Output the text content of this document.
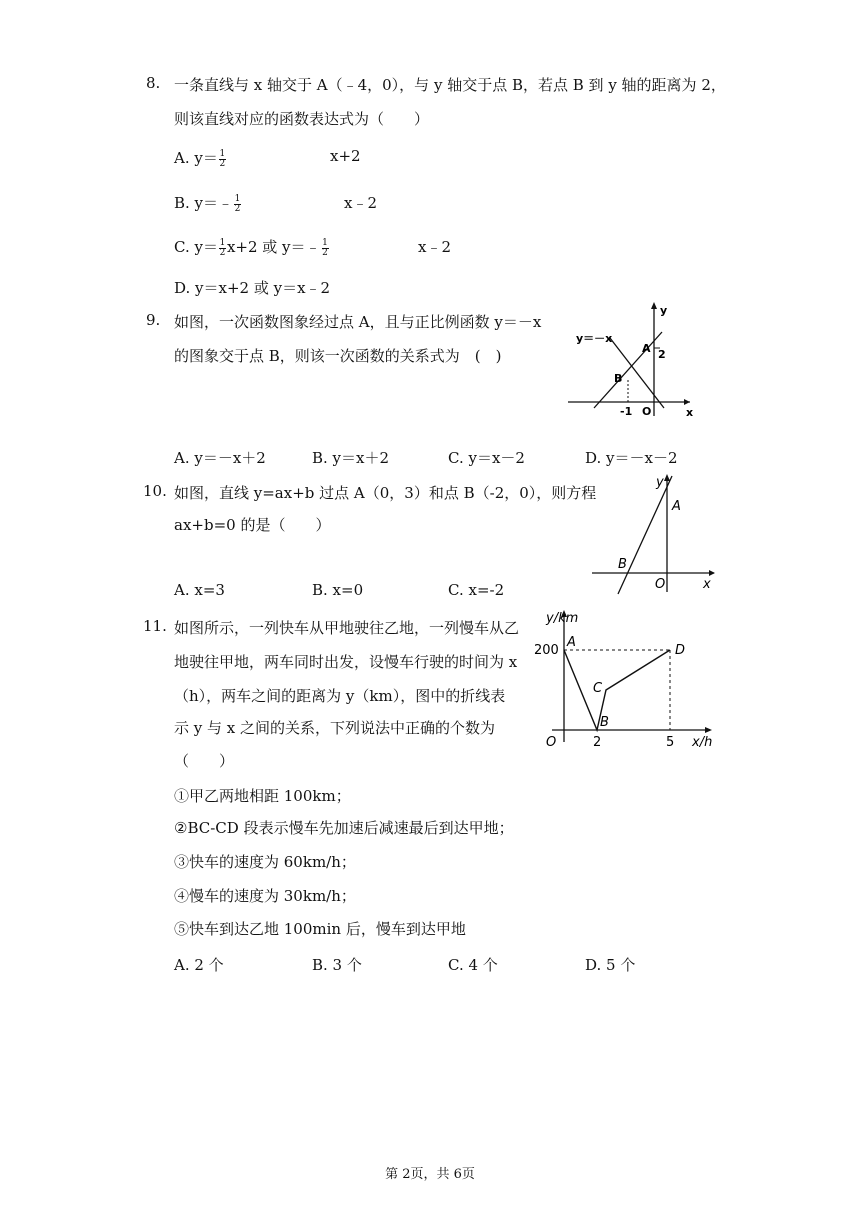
8. 一条直线与 x 轴交于 A（﹣4，0），与 y 轴交于点 B，若点 B 到 y 轴的距离为 2，
则该直线对应的函数表达式为（　　）
A. $y= \frac{1}{2}$	x+2
B. y＝﹣ $\frac{1}{2}$	x﹣2
C. $y= \frac{1}{2} x+2$ 或 y＝﹣ $\frac{1}{2}$	x﹣2
D. y＝x+2 或 y＝x﹣2
9. 如图，一次函数图象经过点 A，且与正比例函数 y＝－x
的图象交于点 B，则该一次函数的关系式为　(　)
y＝－x
y
x
A
B
O
2
-1
A. y＝－x＋2	B. y＝x＋2	C. y＝x－2	D. y＝－x－2
10. 如图，直线 y=ax+b 过点 A（0，3）和点 B（-2，0），则方程
ax+b=0 的是（　　）
y
x
A
B
O
A. x=3	B. x=0	C. x=-2
11. 如图所示，一列快车从甲地驶往乙地，一列慢车从乙
地驶往甲地，两车同时出发，设慢车行驶的时间为 x
（h），两车之间的距离为 y（km），图中的折线表
示 y 与 x 之间的关系，下列说法中正确的个数为
（　　）
y/km
x/h
200
A
B
C
D
O	2	5
①甲乙两地相距 100km；
②BC-CD 段表示慢车先加速后减速最后到达甲地；
③快车的速度为 60km/h；
④慢车的速度为 30km/h；
⑤快车到达乙地 100min 后，慢车到达甲地
A. 2 个	B. 3 个	C. 4 个	D. 5 个
第 2页，共 6页
